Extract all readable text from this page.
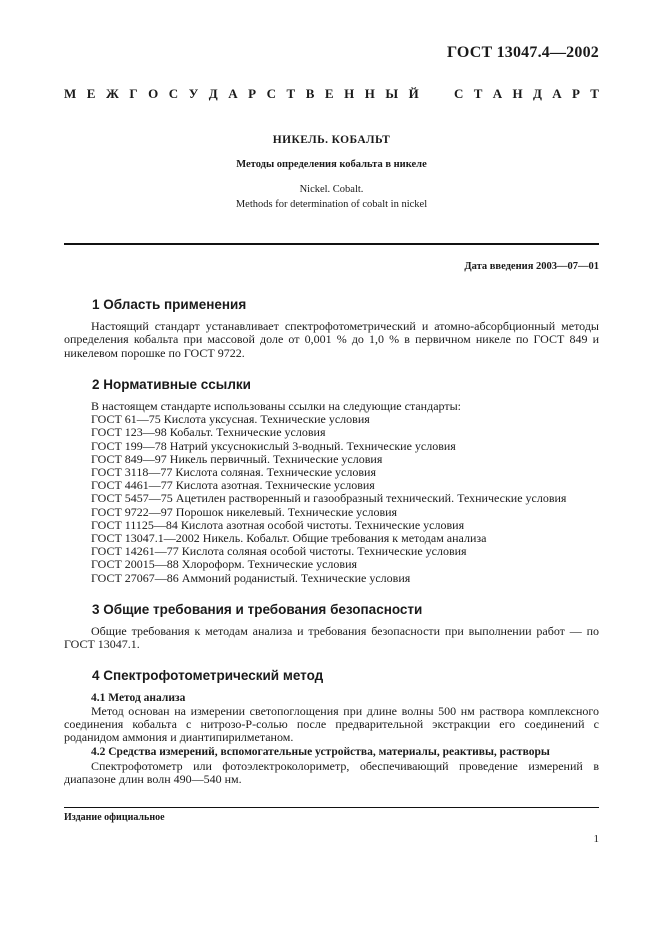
ГОСТ 13047.4—2002
М Е Ж Г О С У Д А Р С Т В Е Н Н Ы Й	С Т А Н Д А Р Т
НИКЕЛЬ. КОБАЛЬТ
Методы определения кобальта в никеле
Nickel. Cobalt.
Methods for determination of cobalt in nickel
Дата введения 2003—07—01
1 Область применения

Настоящий стандарт устанавливает спектрофотометрический и атомно-абсорбционный методы определения кобальта при массовой доле от 0,001 % до 1,0 % в первичном никеле по ГОСТ 849 и никелевом порошке по ГОСТ 9722.

2 Нормативные ссылки
В настоящем стандарте использованы ссылки на следующие стандарты:
ГОСТ 61—75 Кислота уксусная. Технические условия
ГОСТ 123—98 Кобальт. Технические условия
ГОСТ 199—78 Натрий уксуснокислый 3-водный. Технические условия
ГОСТ 849—97 Никель первичный. Технические условия
ГОСТ 3118—77 Кислота соляная. Технические условия
ГОСТ 4461—77 Кислота азотная. Технические условия
ГОСТ 5457—75 Ацетилен растворенный и газообразный технический. Технические условия
ГОСТ 9722—97 Порошок никелевый. Технические условия
ГОСТ 11125—84 Кислота азотная особой чистоты. Технические условия
ГОСТ 13047.1—2002 Никель. Кобальт. Общие требования к методам анализа
ГОСТ 14261—77 Кислота соляная особой чистоты. Технические условия
ГОСТ 20015—88 Хлороформ. Технические условия
ГОСТ 27067—86 Аммоний роданистый. Технические условия
3 Общие требования и требования безопасности

Общие требования к методам анализа и требования безопасности при выполнении работ — по ГОСТ 13047.1.

4 Спектрофотометрический метод
4.1 Метод анализа

Метод основан на измерении светопоглощения при длине волны 500 нм раствора комплексного соединения кобальта с нитрозо-Р-солью после предварительной экстракции его соединений с роданидом аммония и диантипирилметаном.

4.2 Средства измерений, вспомогательные устройства, материалы, реактивы, растворы

Спектрофотометр или фотоэлектроколориметр, обеспечивающий проведение измерений в диапазоне длин волн 490—540 нм.

Издание официальное
1
